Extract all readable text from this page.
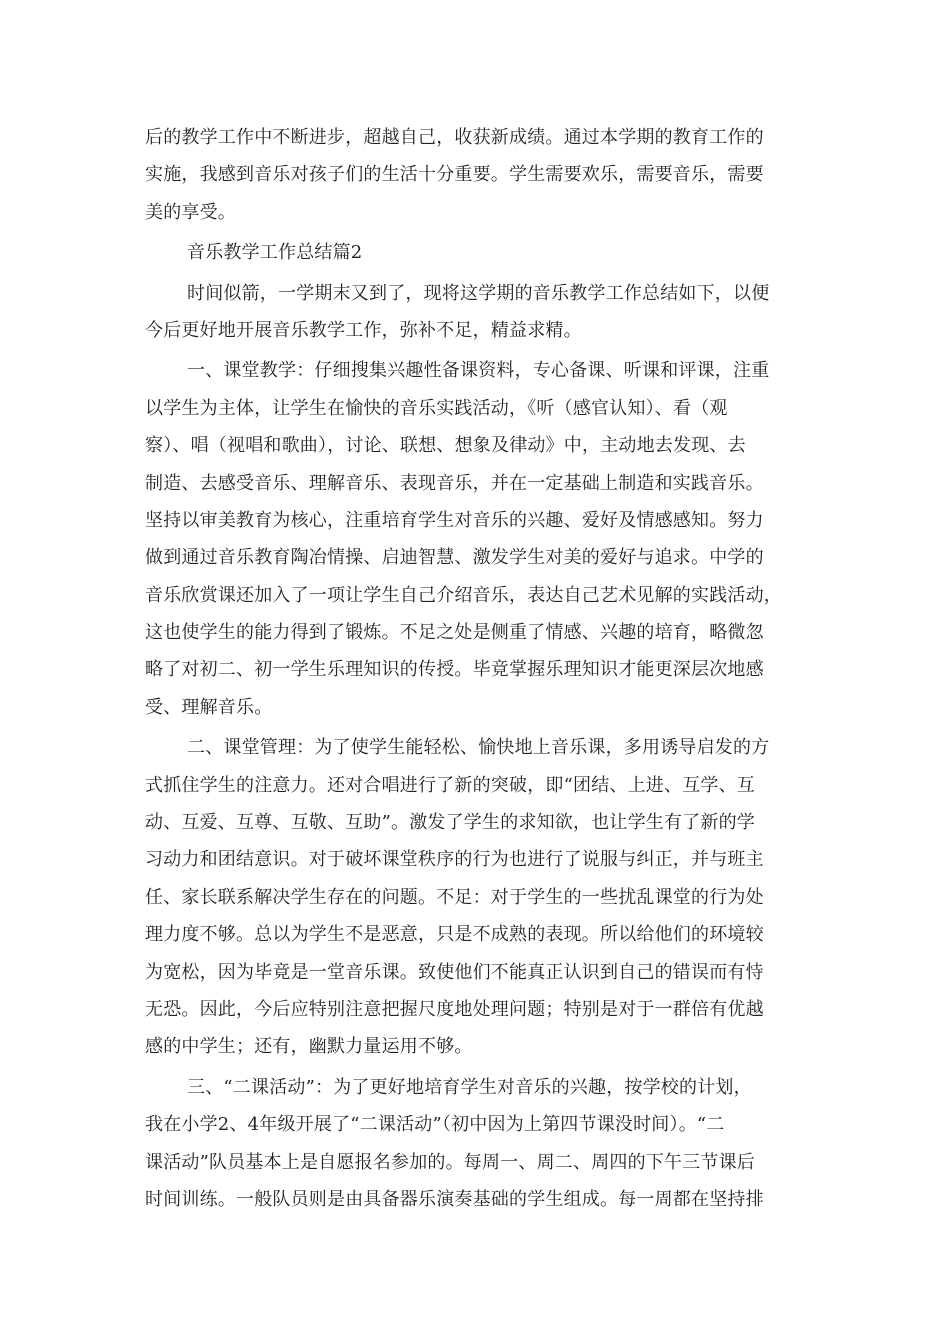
后的教学工作中不断进步，超越自己，收获新成绩。通过本学期的教育工作的
实施，我感到音乐对孩子们的生活十分重要。学生需要欢乐，需要音乐，需要
美的享受。
音乐教学工作总结篇2
时间似箭，一学期末又到了，现将这学期的音乐教学工作总结如下，以便
今后更好地开展音乐教学工作，弥补不足，精益求精。
一、课堂教学：仔细搜集兴趣性备课资料，专心备课、听课和评课，注重
以学生为主体，让学生在愉快的音乐实践活动，《听（感官认知）、看（观
察）、唱（视唱和歌曲），讨论、联想、想象及律动》中，主动地去发现、去
制造、去感受音乐、理解音乐、表现音乐，并在一定基础上制造和实践音乐。
坚持以审美教育为核心，注重培育学生对音乐的兴趣、爱好及情感感知。努力
做到通过音乐教育陶冶情操、启迪智慧、激发学生对美的爱好与追求。中学的
音乐欣赏课还加入了一项让学生自己介绍音乐，表达自己艺术见解的实践活动，
这也使学生的能力得到了锻炼。不足之处是侧重了情感、兴趣的培育，略微忽
略了对初二、初一学生乐理知识的传授。毕竟掌握乐理知识才能更深层次地感
受、理解音乐。
二、课堂管理：为了使学生能轻松、愉快地上音乐课，多用诱导启发的方
式抓住学生的注意力。还对合唱进行了新的突破，即“团结、上进、互学、互
动、互爱、互尊、互敬、互助”。激发了学生的求知欲，也让学生有了新的学
习动力和团结意识。对于破坏课堂秩序的行为也进行了说服与纠正，并与班主
任、家长联系解决学生存在的问题。不足：对于学生的一些扰乱课堂的行为处
理力度不够。总以为学生不是恶意，只是不成熟的表现。所以给他们的环境较
为宽松，因为毕竟是一堂音乐课。致使他们不能真正认识到自己的错误而有恃
无恐。因此，今后应特别注意把握尺度地处理问题；特别是对于一群倍有优越
感的中学生；还有，幽默力量运用不够。
三、“二课活动”：为了更好地培育学生对音乐的兴趣，按学校的计划，
我在小学2、4年级开展了“二课活动”（初中因为上第四节课没时间）。“二
课活动”队员基本上是自愿报名参加的。每周一、周二、周四的下午三节课后
时间训练。一般队员则是由具备器乐演奏基础的学生组成。每一周都在坚持排
